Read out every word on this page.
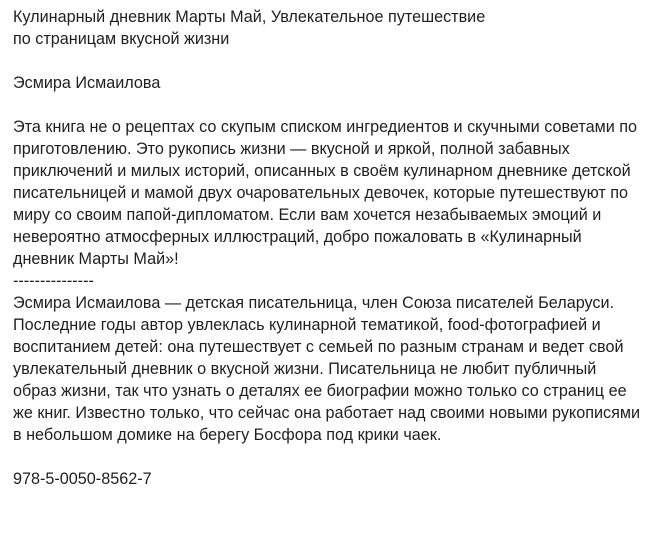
Кулинарный дневник Марты Май, Увлекательное путешествие
по страницам вкусной жизни
Эсмира Исмаилова
Эта книга не о рецептах со скупым списком ингредиентов и скучными советами по приготовлению. Это рукопись жизни — вкусной и яркой, полной забавных приключений и милых историй, описанных в своём кулинарном дневнике детской писательницей и мамой двух очаровательных девочек, которые путешествуют по миру со своим папой-дипломатом. Если вам хочется незабываемых эмоций и невероятно атмосферных иллюстраций, добро пожаловать в «Кулинарный дневник Марты Май»!
---------------
Эсмира Исмаилова — детская писательница, член Союза писателей Беларуси. Последние годы автор увлеклась кулинарной тематикой, food-фотографией и воспитанием детей: она путешествует с семьей по разным странам и ведет свой увлекательный дневник о вкусной жизни. Писательница не любит публичный образ жизни, так что узнать о деталях ее биографии можно только со страниц ее же книг. Известно только, что сейчас она работает над своими новыми рукописями в небольшом домике на берегу Босфора под крики чаек.
978-5-0050-8562-7
